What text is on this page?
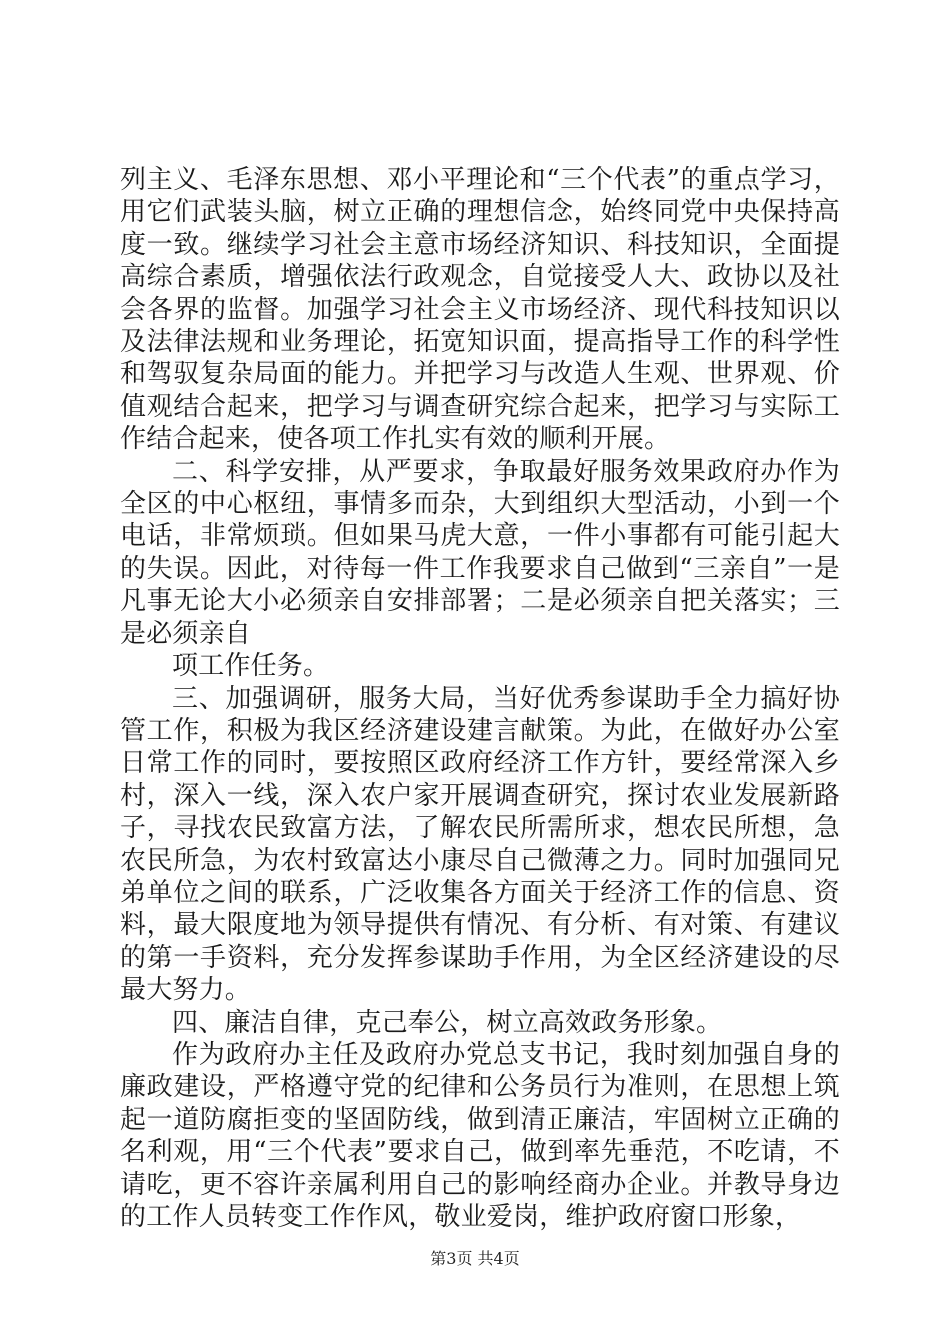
列主义、毛泽东思想、邓小平理论和“三个代表”的重点学习，用它们武装头脑，树立正确的理想信念，始终同党中央保持高度一致。继续学习社会主意市场经济知识、科技知识，全面提高综合素质，增强依法行政观念，自觉接受人大、政协以及社会各界的监督。加强学习社会主义市场经济、现代科技知识以及法律法规和业务理论，拓宽知识面，提高指导工作的科学性和驾驭复杂局面的能力。并把学习与改造人生观、世界观、价值观结合起来，把学习与调查研究综合起来，把学习与实际工作结合起来，使各项工作扎实有效的顺利开展。

二、科学安排，从严要求，争取最好服务效果政府办作为全区的中心枢纽，事情多而杂，大到组织大型活动，小到一个电话，非常烦琐。但如果马虎大意，一件小事都有可能引起大的失误。因此，对待每一件工作我要求自己做到“三亲自”一是凡事无论大小必须亲自安排部署；二是必须亲自把关落实；三是必须亲自

项工作任务。

三、加强调研，服务大局，当好优秀参谋助手全力搞好协管工作，积极为我区经济建设建言献策。为此，在做好办公室日常工作的同时，要按照区政府经济工作方针，要经常深入乡村，深入一线，深入农户家开展调查研究，探讨农业发展新路子，寻找农民致富方法，了解农民所需所求，想农民所想，急农民所急，为农村致富达小康尽自己微薄之力。同时加强同兄弟单位之间的联系，广泛收集各方面关于经济工作的信息、资料，最大限度地为领导提供有情况、有分析、有对策、有建议的第一手资料，充分发挥参谋助手作用，为全区经济建设的尽最大努力。

四、廉洁自律，克己奉公，树立高效政务形象。

作为政府办主任及政府办党总支书记，我时刻加强自身的廉政建设，严格遵守党的纪律和公务员行为准则，在思想上筑起一道防腐拒变的坚固防线，做到清正廉洁，牢固树立正确的名利观，用“三个代表”要求自己，做到率先垂范，不吃请，不请吃，更不容许亲属利用自己的影响经商办企业。并教导身边的工作人员转变工作作风，敬业爱岗，维护政府窗口形象，

第3页 共4页
